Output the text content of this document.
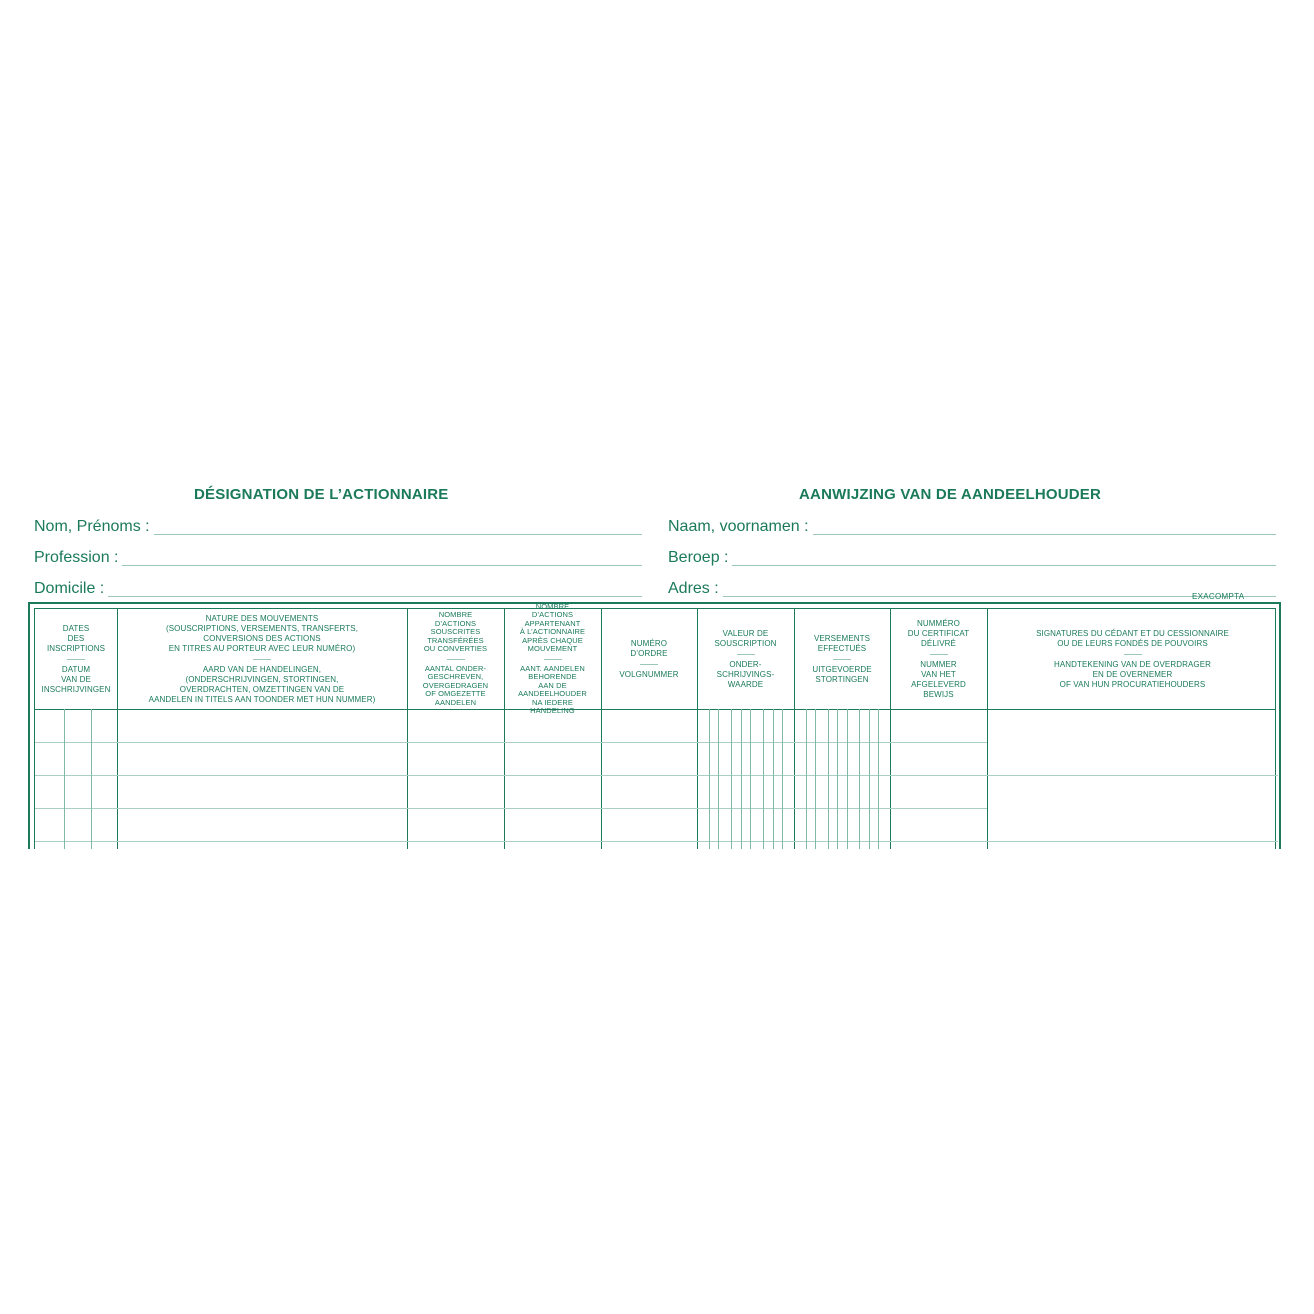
DÉSIGNATION DE L’ACTIONNAIRE
Nom, Prénoms :
Profession :
Domicile :
AANWIJZING VAN DE AANDEELHOUDER
Naam, voornamen :
Beroep :
Adres :	EXACOMPTA
DATES
DES
INSCRIPTIONS
DATUM
VAN DE
INSCHRIJVINGEN
NATURE DES MOUVEMENTS
(SOUSCRIPTIONS, VERSEMENTS, TRANSFERTS,
CONVERSIONS DES ACTIONS
EN TITRES AU PORTEUR AVEC LEUR NUMÉRO)
AARD VAN DE HANDELINGEN,
(ONDERSCHRIJVINGEN, STORTINGEN,
OVERDRACHTEN, OMZETTINGEN VAN DE
AANDELEN IN TITELS AAN TOONDER MET HUN NUMMER)
NOMBRE
D’ACTIONS
SOUSCRITES
TRANSFÉRÉES
OU CONVERTIES
AANTAL ONDER-
GESCHREVEN,
OVERGEDRAGEN
OF OMGEZETTE
AANDELEN
NOMBRE
D’ACTIONS
APPARTENANT
À L’ACTIONNAIRE
APRÈS CHAQUE
MOUVEMENT
AANT. AANDELEN
BEHORENDE
AAN DE
AANDEELHOUDER
NA IEDERE
HANDELING
NUMÉRO
D’ORDRE
VOLGNUMMER
VALEUR DE
SOUSCRIPTION
ONDER-
SCHRIJVINGS-
WAARDE
VERSEMENTS
EFFECTUÉS
UITGEVOERDE
STORTINGEN
NUMMÉRO
DU CERTIFICAT
DÉLIVRÉ
NUMMER
VAN HET
AFGELEVERD
BEWIJS
SIGNATURES DU CÉDANT ET DU CESSIONNAIRE
OU DE LEURS FONDÉS DE POUVOIRS
HANDTEKENING VAN DE OVERDRAGER
EN DE OVERNEMER
OF VAN HUN PROCURATIEHOUDERS
